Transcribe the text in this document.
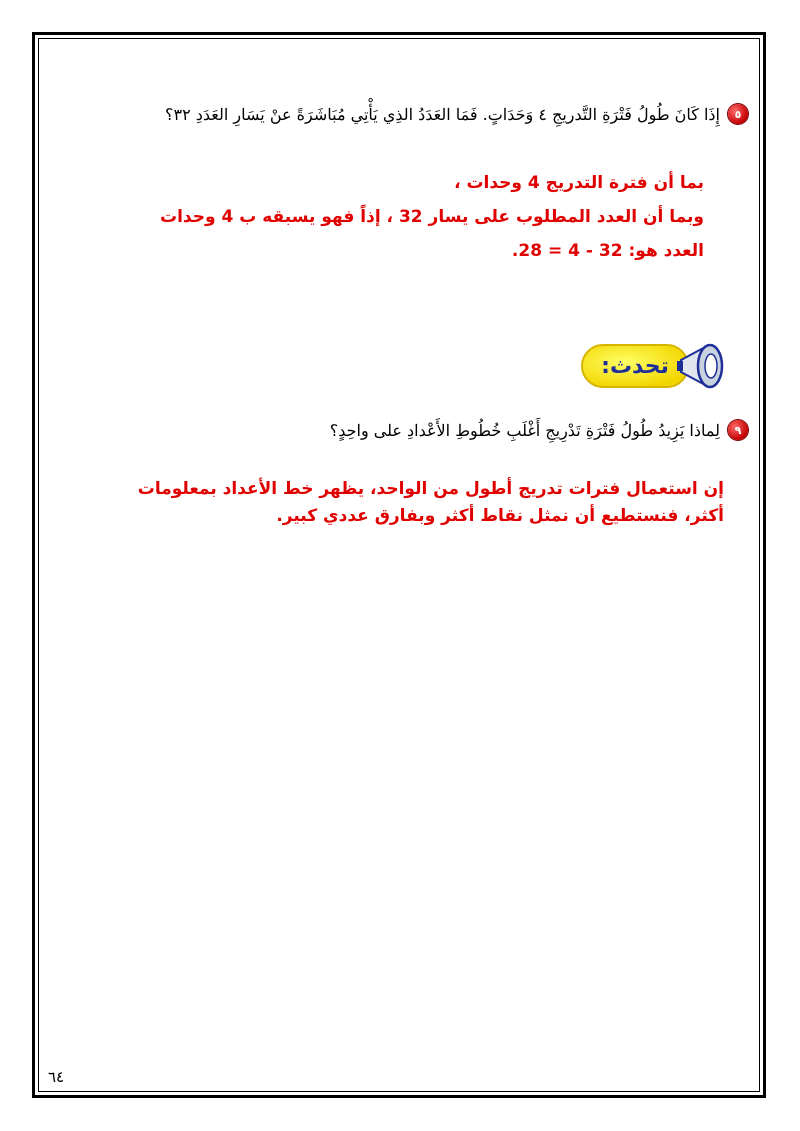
٥
إِذَا كَانَ طُولُ فَتْرَةِ التَّدريجِ ٤ وَحَدَاتٍ. فَمَا العَدَدُ الذِي يَأْتِي مُبَاشَرَةً عنْ يَسَارِ العَدَدِ ٣٢؟
بما أن فترة التدريج 4 وحدات ،
وبما أن العدد المطلوب على يسار 32 ، إذاً فهو يسبقه ب 4 وحدات
العدد هو: 32 - 4 = 28.
تحدث:
٩
لِماذا يَزِيدُ طُولُ فَتْرَةِ تَدْرِيجِ أَغْلَبِ خُطُوطِ الأَعْدادِ على واحِدٍ؟
إن استعمال فترات تدريج أطول من الواحد، يظهر خط الأعداد بمعلومات
أكثر، فنستطيع أن نمثل نقاط أكثر وبفارق عددي كبير.
٦٤
